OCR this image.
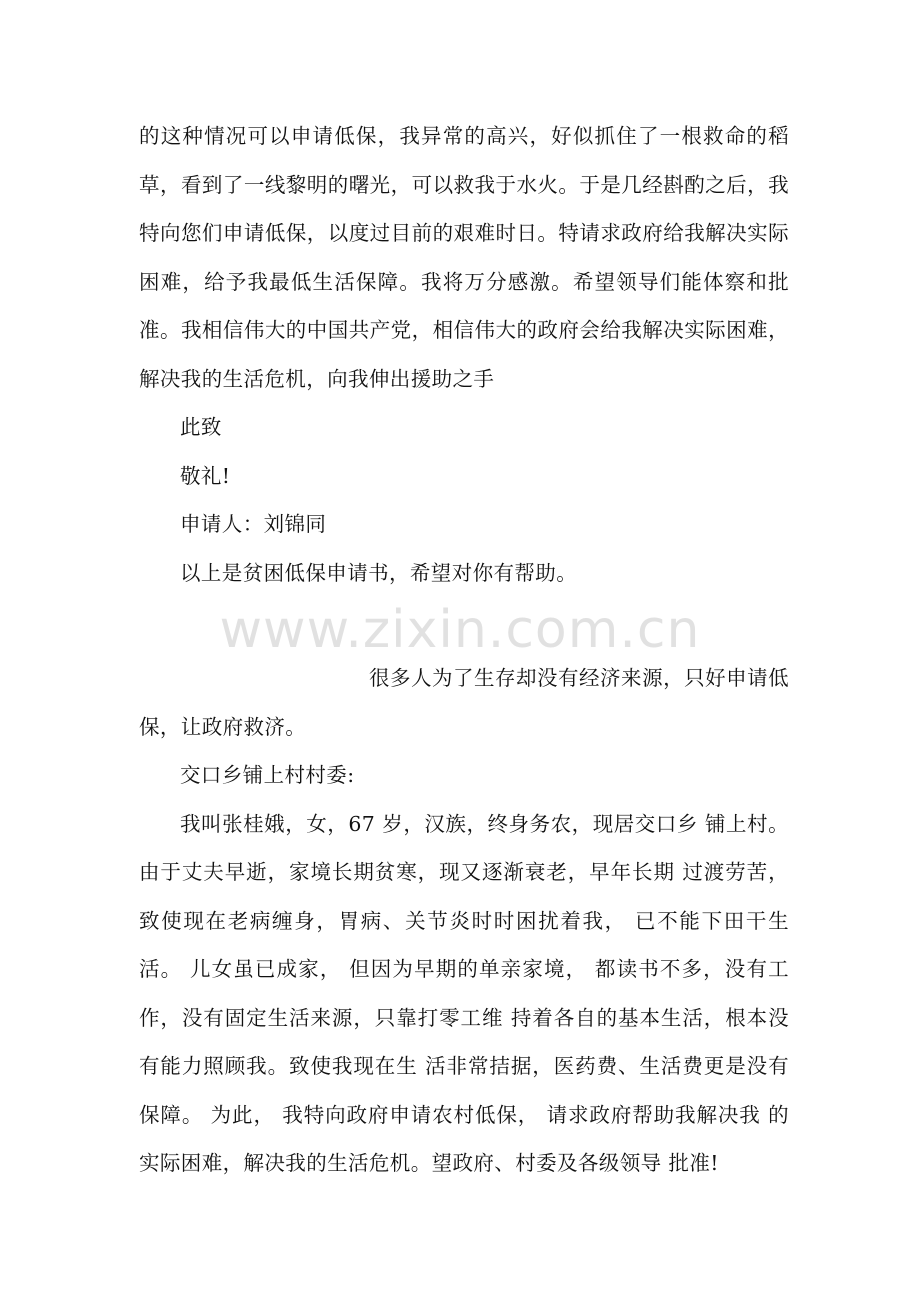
的这种情况可以申请低保，我异常的高兴，好似抓住了一根救命的稻草，看到了一线黎明的曙光，可以救我于水火。于是几经斟酌之后，我特向您们申请低保，以度过目前的艰难时日。特请求政府给我解决实际困难，给予我最低生活保障。我将万分感激。希望领导们能体察和批准。我相信伟大的中国共产党，相信伟大的政府会给我解决实际困难，解决我的生活危机，向我伸出援助之手

此致

敬礼!

申请人：刘锦同

以上是贫困低保申请书，希望对你有帮助。

www.zixin.com.cn

很多人为了生存却没有经济来源，只好申请低保，让政府救济。

交口乡铺上村村委:

我叫张桂娥，女，67 岁，汉族，终身务农，现居交口乡 铺上村。由于丈夫早逝，家境长期贫寒，现又逐渐衰老，早年长期 过渡劳苦，致使现在老病缠身，胃病、关节炎时时困扰着我， 已不能下田干生活。 儿女虽已成家， 但因为早期的单亲家境， 都读书不多，没有工作，没有固定生活来源，只靠打零工维 持着各自的基本生活，根本没有能力照顾我。致使我现在生 活非常拮据，医药费、生活费更是没有保障。 为此， 我特向政府申请农村低保， 请求政府帮助我解决我 的实际困难，解决我的生活危机。望政府、村委及各级领导 批准!
